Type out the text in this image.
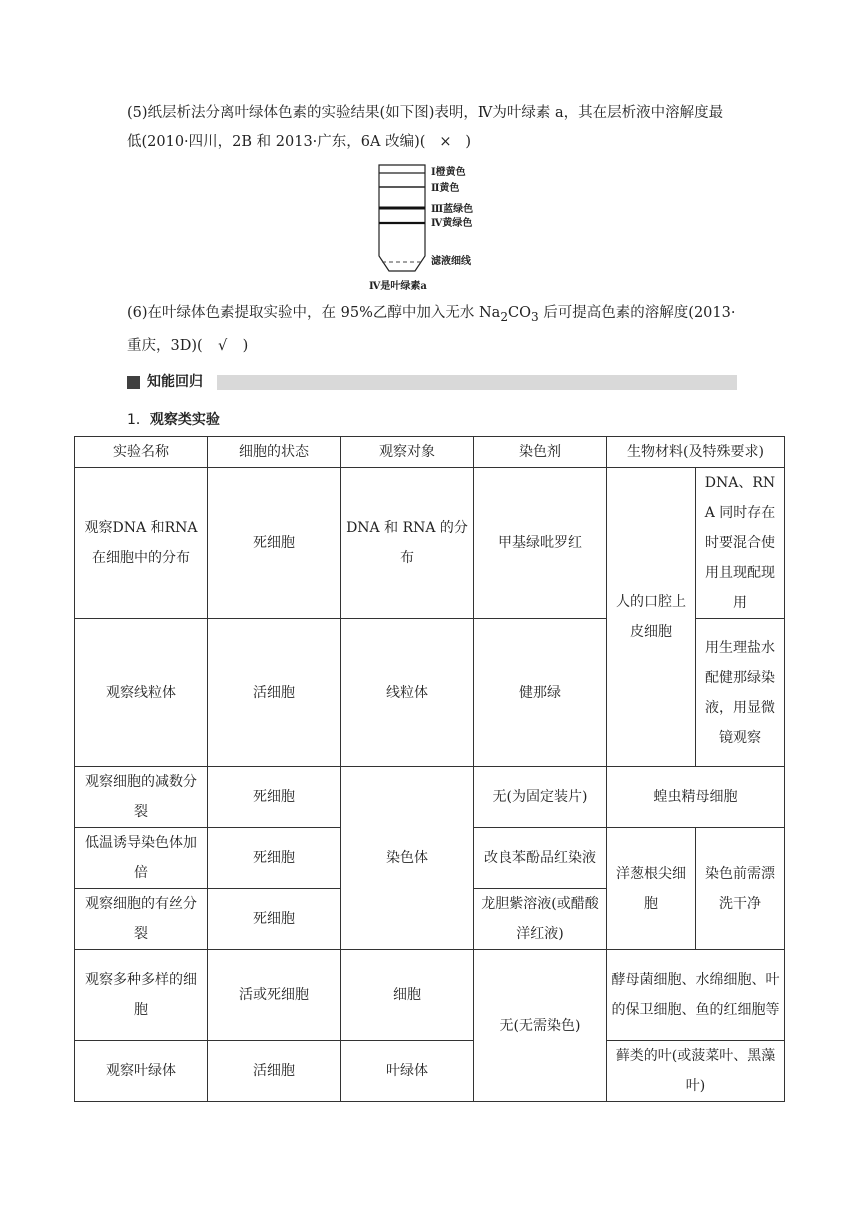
(5)纸层析法分离叶绿体色素的实验结果(如下图)表明，Ⅳ为叶绿素 a，其在层析液中溶解度最低(2010·四川，2B 和 2013·广东，6A 改编)( × )
Ⅰ橙黄色
Ⅱ黄色
Ⅲ蓝绿色
Ⅳ黄绿色
滤液细线
Ⅳ是叶绿素a
(6)在叶绿体色素提取实验中，在 95%乙醇中加入无水 $Na_2CO_3$ 后可提高色素的溶解度(2013·重庆，3D)( √ )
知能回归
1．观察类实验
实验名称	细胞的状态	观察对象	染色剂	生物材料(及特殊要求)	
观察DNA 和RNA 在细胞中的分布	死细胞	DNA 和 RNA 的分布	甲基绿吡罗红	人的口腔上皮细胞	DNA、RNA 同时存在时要混合使用且现配现用
观察线粒体	活细胞	线粒体	健那绿		用生理盐水配健那绿染液，用显微镜观察
观察细胞的减数分裂	死细胞	染色体	无(为固定装片)	蝗虫精母细胞	
低温诱导染色体加倍	死细胞		改良苯酚品红染液	洋葱根尖细胞	染色前需漂洗干净
观察细胞的有丝分裂	死细胞		龙胆紫溶液(或醋酸洋红液)		
观察多种多样的细胞	活或死细胞	细胞	无(无需染色)	酵母菌细胞、水绵细胞、叶的保卫细胞、鱼的红细胞等	
观察叶绿体	活细胞	叶绿体		藓类的叶(或菠菜叶、黑藻叶)	
